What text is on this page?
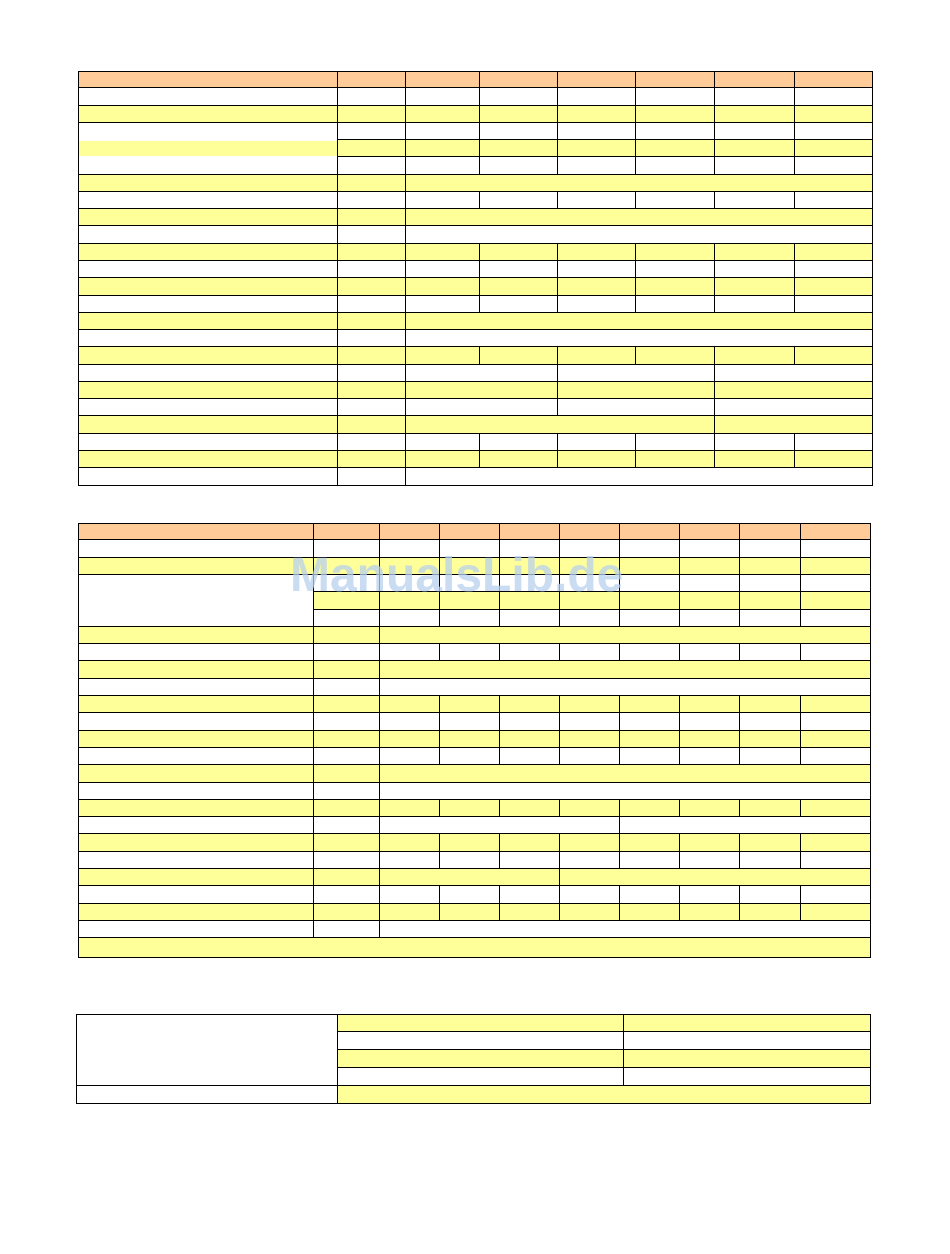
ManualsLib.de
